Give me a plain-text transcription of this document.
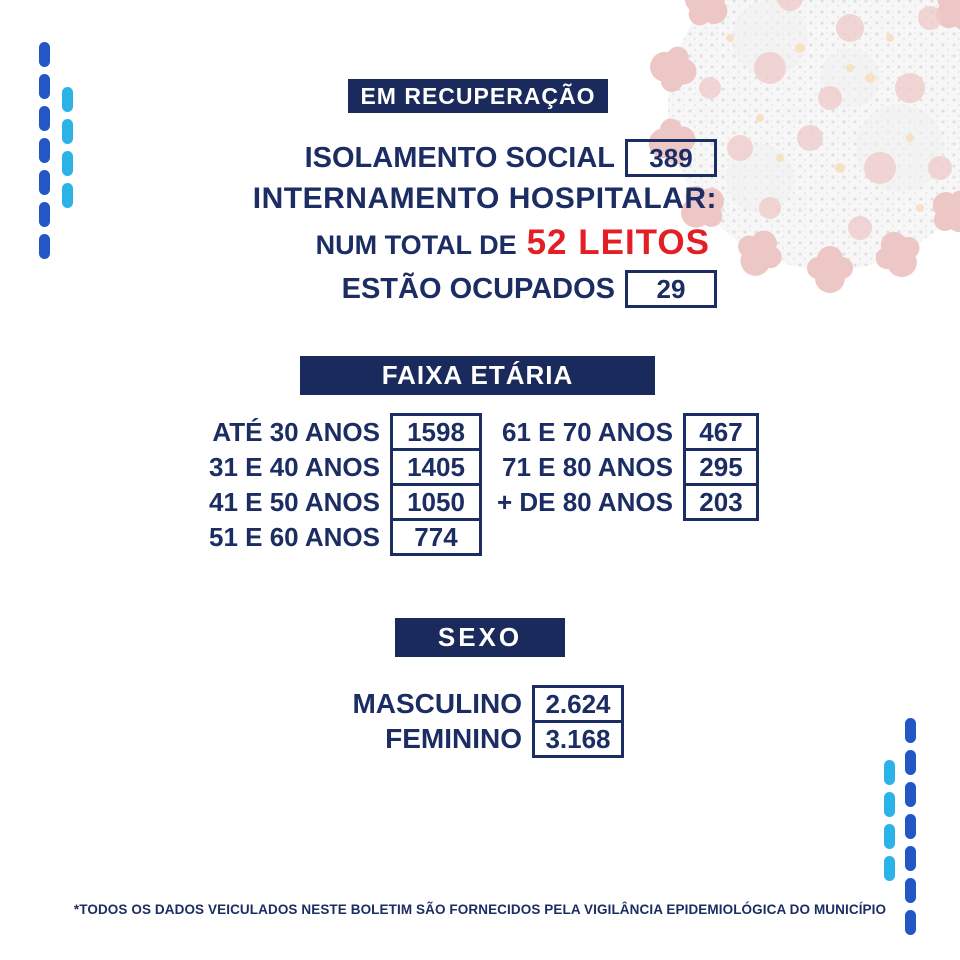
EM RECUPERAÇÃO
ISOLAMENTO SOCIAL	389
INTERNAMENTO HOSPITALAR:
NUM TOTAL DE 52 LEITOS
ESTÃO OCUPADOS	29
FAIXA ETÁRIA
ATÉ 30 ANOS	1598
31 E 40 ANOS	1405
41 E 50 ANOS	1050
51 E 60 ANOS	774
61 E 70 ANOS	467
71 E 80 ANOS	295
+ DE 80 ANOS	203
SEXO
MASCULINO 2.624
FEMININO 3.168
*TODOS OS DADOS VEICULADOS NESTE BOLETIM SÃO FORNECIDOS PELA VIGILÂNCIA EPIDEMIOLÓGICA DO MUNICÍPIO
